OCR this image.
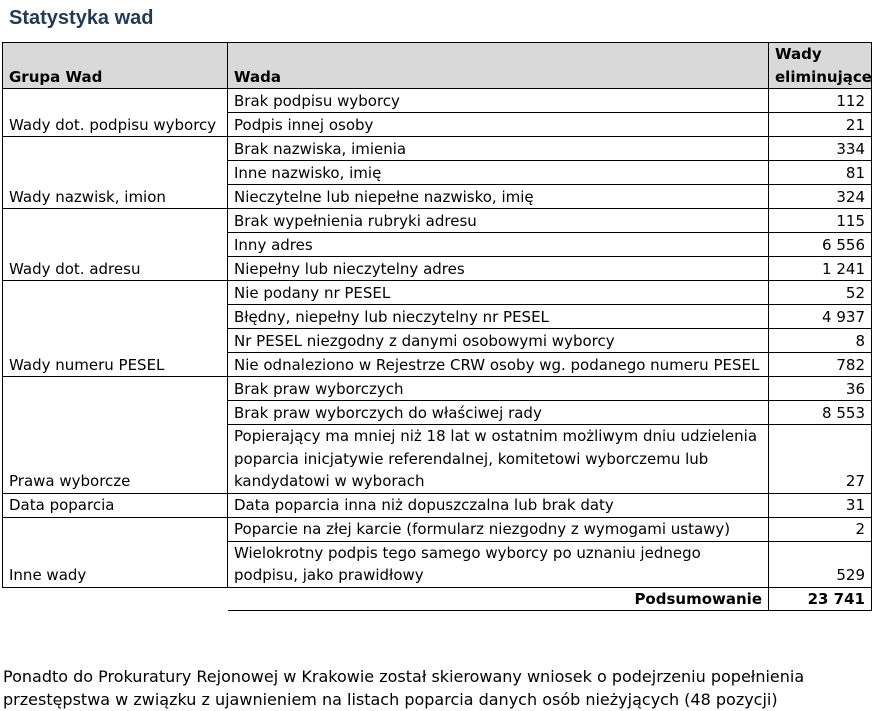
Statystyka wad
Grupa Wad	Wada	Wady eliminujące
Wady dot. podpisu wyborcy	Brak podpisu wyborcy	112
	Podpis innej osoby	21
Wady nazwisk, imion	Brak nazwiska, imienia	334
	Inne nazwisko, imię	81
	Nieczytelne lub niepełne nazwisko, imię	324
Wady dot. adresu	Brak wypełnienia rubryki adresu	115
	Inny adres	6 556
	Niepełny lub nieczytelny adres	1 241
Wady numeru PESEL	Nie podany nr PESEL	52
	Błędny, niepełny lub nieczytelny nr PESEL	4 937
	Nr PESEL niezgodny z danymi osobowymi wyborcy	8
	Nie odnaleziono w Rejestrze CRW osoby wg. podanego numeru PESEL	782
Prawa wyborcze	Brak praw wyborczych	36
	Brak praw wyborczych do właściwej rady	8 553
	Popierający ma mniej niż 18 lat w ostatnim możliwym dniu udzielenia poparcia inicjatywie referendalnej, komitetowi wyborczemu lub kandydatowi w wyborach	27
Data poparcia	Data poparcia inna niż dopuszczalna lub brak daty	31
Inne wady	Poparcie na złej karcie (formularz niezgodny z wymogami ustawy)	2
	Wielokrotny podpis tego samego wyborcy po uznaniu jednego podpisu, jako prawidłowy	529
	Podsumowanie	23 741
Ponadto do Prokuratury Rejonowej w Krakowie został skierowany wniosek o podejrzeniu popełnienia przestępstwa w związku z ujawnieniem na listach poparcia danych osób nieżyjących (48 pozycji)
